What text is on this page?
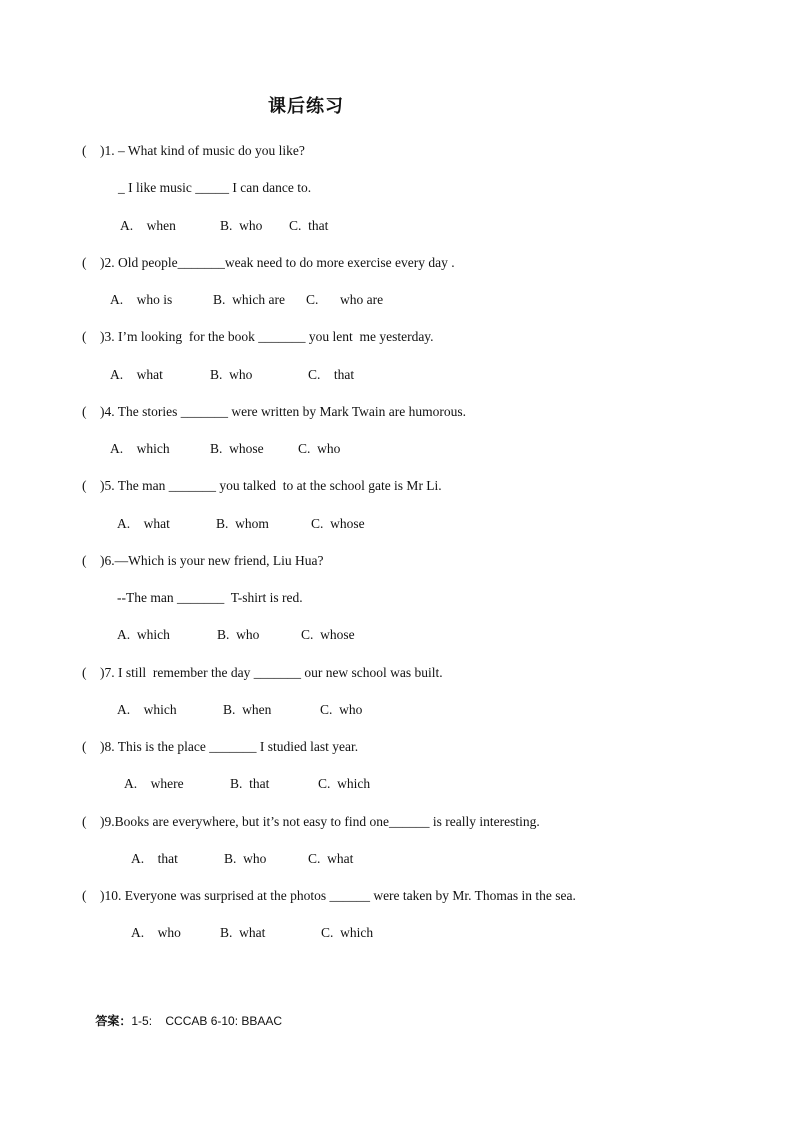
课后练习
(    )1. – What kind of music do you like?
_ I like music _____ I can dance to.
A.    when	B.  who C.  that
(    )2. Old people_______weak need to do more exercise every day .
A.    who is	B.  which are C. who are
(    )3. I’m looking  for the book _______ you lent  me yesterday.
A.    what	B.  who	C.    that
(    )4. The stories _______ were written by Mark Twain are humorous.
A.    which	B.  whose	C.  who
(    )5. The man _______ you talked  to at the school gate is Mr Li.
A.    what	B.  whom	C.  whose
(    )6.—Which is your new friend, Liu Hua?
--The man _______  T-shirt is red.
A.  which	B.  who	C.  whose
(    )7. I still  remember the day _______ our new school was built.
A.    which	B.  when	C.  who
(    )8. This is the place _______ I studied last year.
A.    where	B.  that	C.  which
(    )9.Books are everywhere, but it’s not easy to find one______ is really interesting.
A.    that	B.  who	C.  what
(    )10. Everyone was surprised at the photos ______ were taken by Mr. Thomas in the sea.
A.    who	B.  what	C.  which

答案：1-5:    CCCAB 6-10: BBAAC
